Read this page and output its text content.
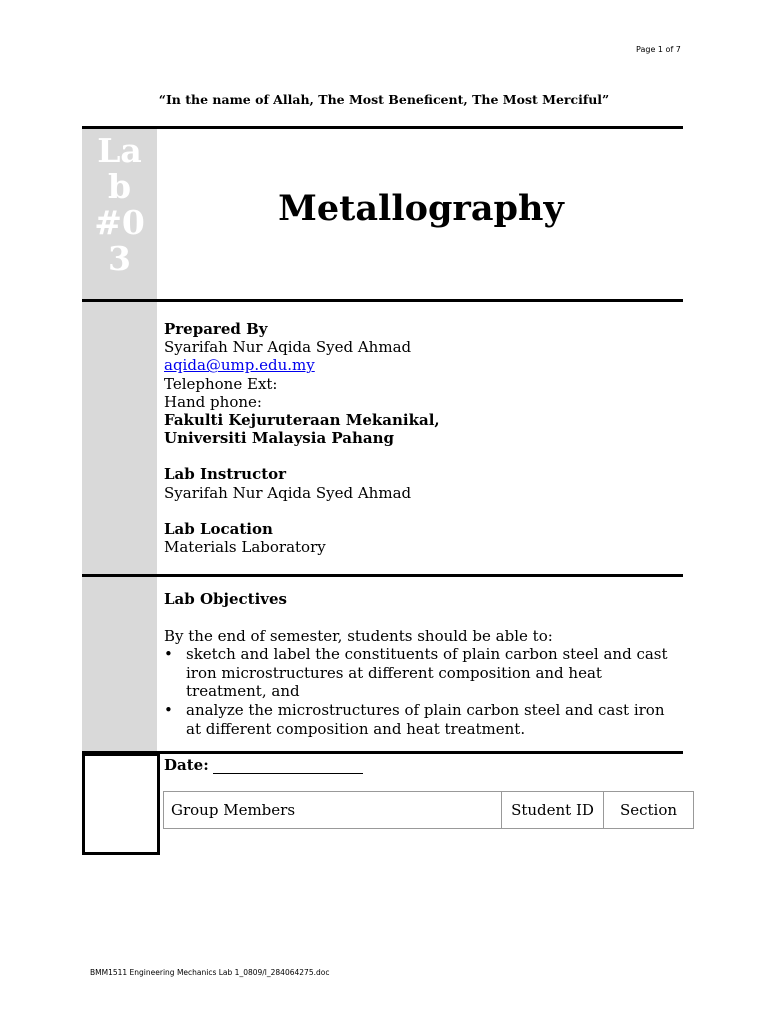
Page 1 of 7
“In the name of Allah, The Most Beneficent, The Most Merciful”
La
b
#0
3
Metallography
Prepared By
Syarifah Nur Aqida Syed Ahmad
aqida@ump.edu.my
Telephone Ext:
Hand phone:
Fakulti Kejuruteraan Mekanikal,
Universiti Malaysia Pahang
Lab Instructor
Syarifah Nur Aqida Syed Ahmad
Lab Location
Materials Laboratory
Lab Objectives
By the end of semester, students should be able to:
• sketch and label the constituents of plain carbon steel and cast iron microstructures at different composition and heat treatment, and
• analyze the microstructures of plain carbon steel and cast iron at different composition and heat treatment.
Date:
Group Members	Student ID	Section
BMM1511 Engineering Mechanics Lab 1_0809/l_284064275.doc
